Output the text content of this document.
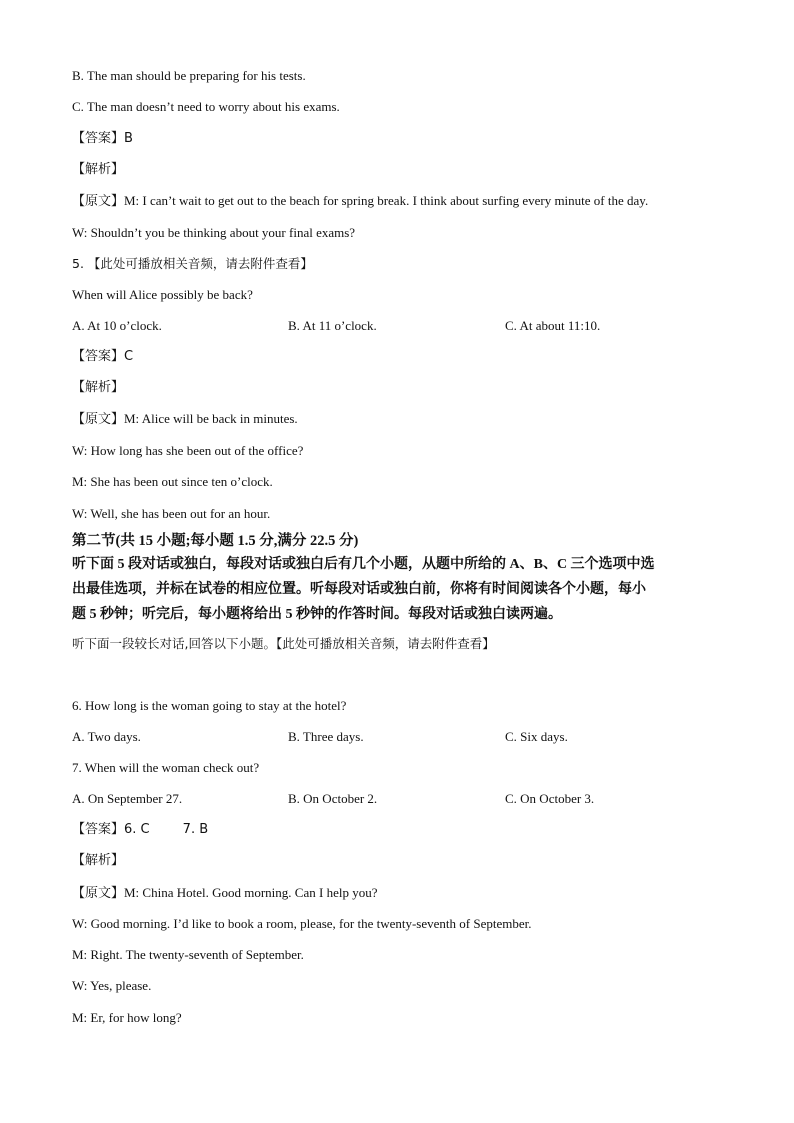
B. The man should be preparing for his tests.
C. The man doesn’t need to worry about his exams.
【答案】B
【解析】
【原文】M: I can’t wait to get out to the beach for spring break. I think about surfing every minute of the day.
W: Shouldn’t you be thinking about your final exams?
5. 【此处可播放相关音频，请去附件查看】
When will Alice possibly be back?
A. At 10 o’clock.	B. At 11 o’clock.	C. At about 11:10.
【答案】C
【解析】
【原文】M: Alice will be back in minutes.
W: How long has she been out of the office?
M: She has been out since ten o’clock.
W: Well, she has been out for an hour.
第二节(共 15 小题;每小题 1.5 分,满分 22.5 分)
听下面 5 段对话或独白，每段对话或独白后有几个小题，从题中所给的 A、B、C 三个选项中选
出最佳选项，并标在试卷的相应位置。听每段对话或独白前，你将有时间阅读各个小题，每小
题 5 秒钟；听完后，每小题将给出 5 秒钟的作答时间。每段对话或独白读两遍。
听下面一段较长对话,回答以下小题。【此处可播放相关音频，请去附件查看】
6. How long is the woman going to stay at the hotel?
A. Two days.	B. Three days.	C. Six days.
7. When will the woman check out?
A. On September 27.	B. On October 2.	C. On October 3.
【答案】6. C        7. B
【解析】
【原文】M: China Hotel. Good morning. Can I help you?
W: Good morning. I’d like to book a room, please, for the twenty-seventh of September.
M: Right. The twenty-seventh of September.
W: Yes, please.
M: Er, for how long?
